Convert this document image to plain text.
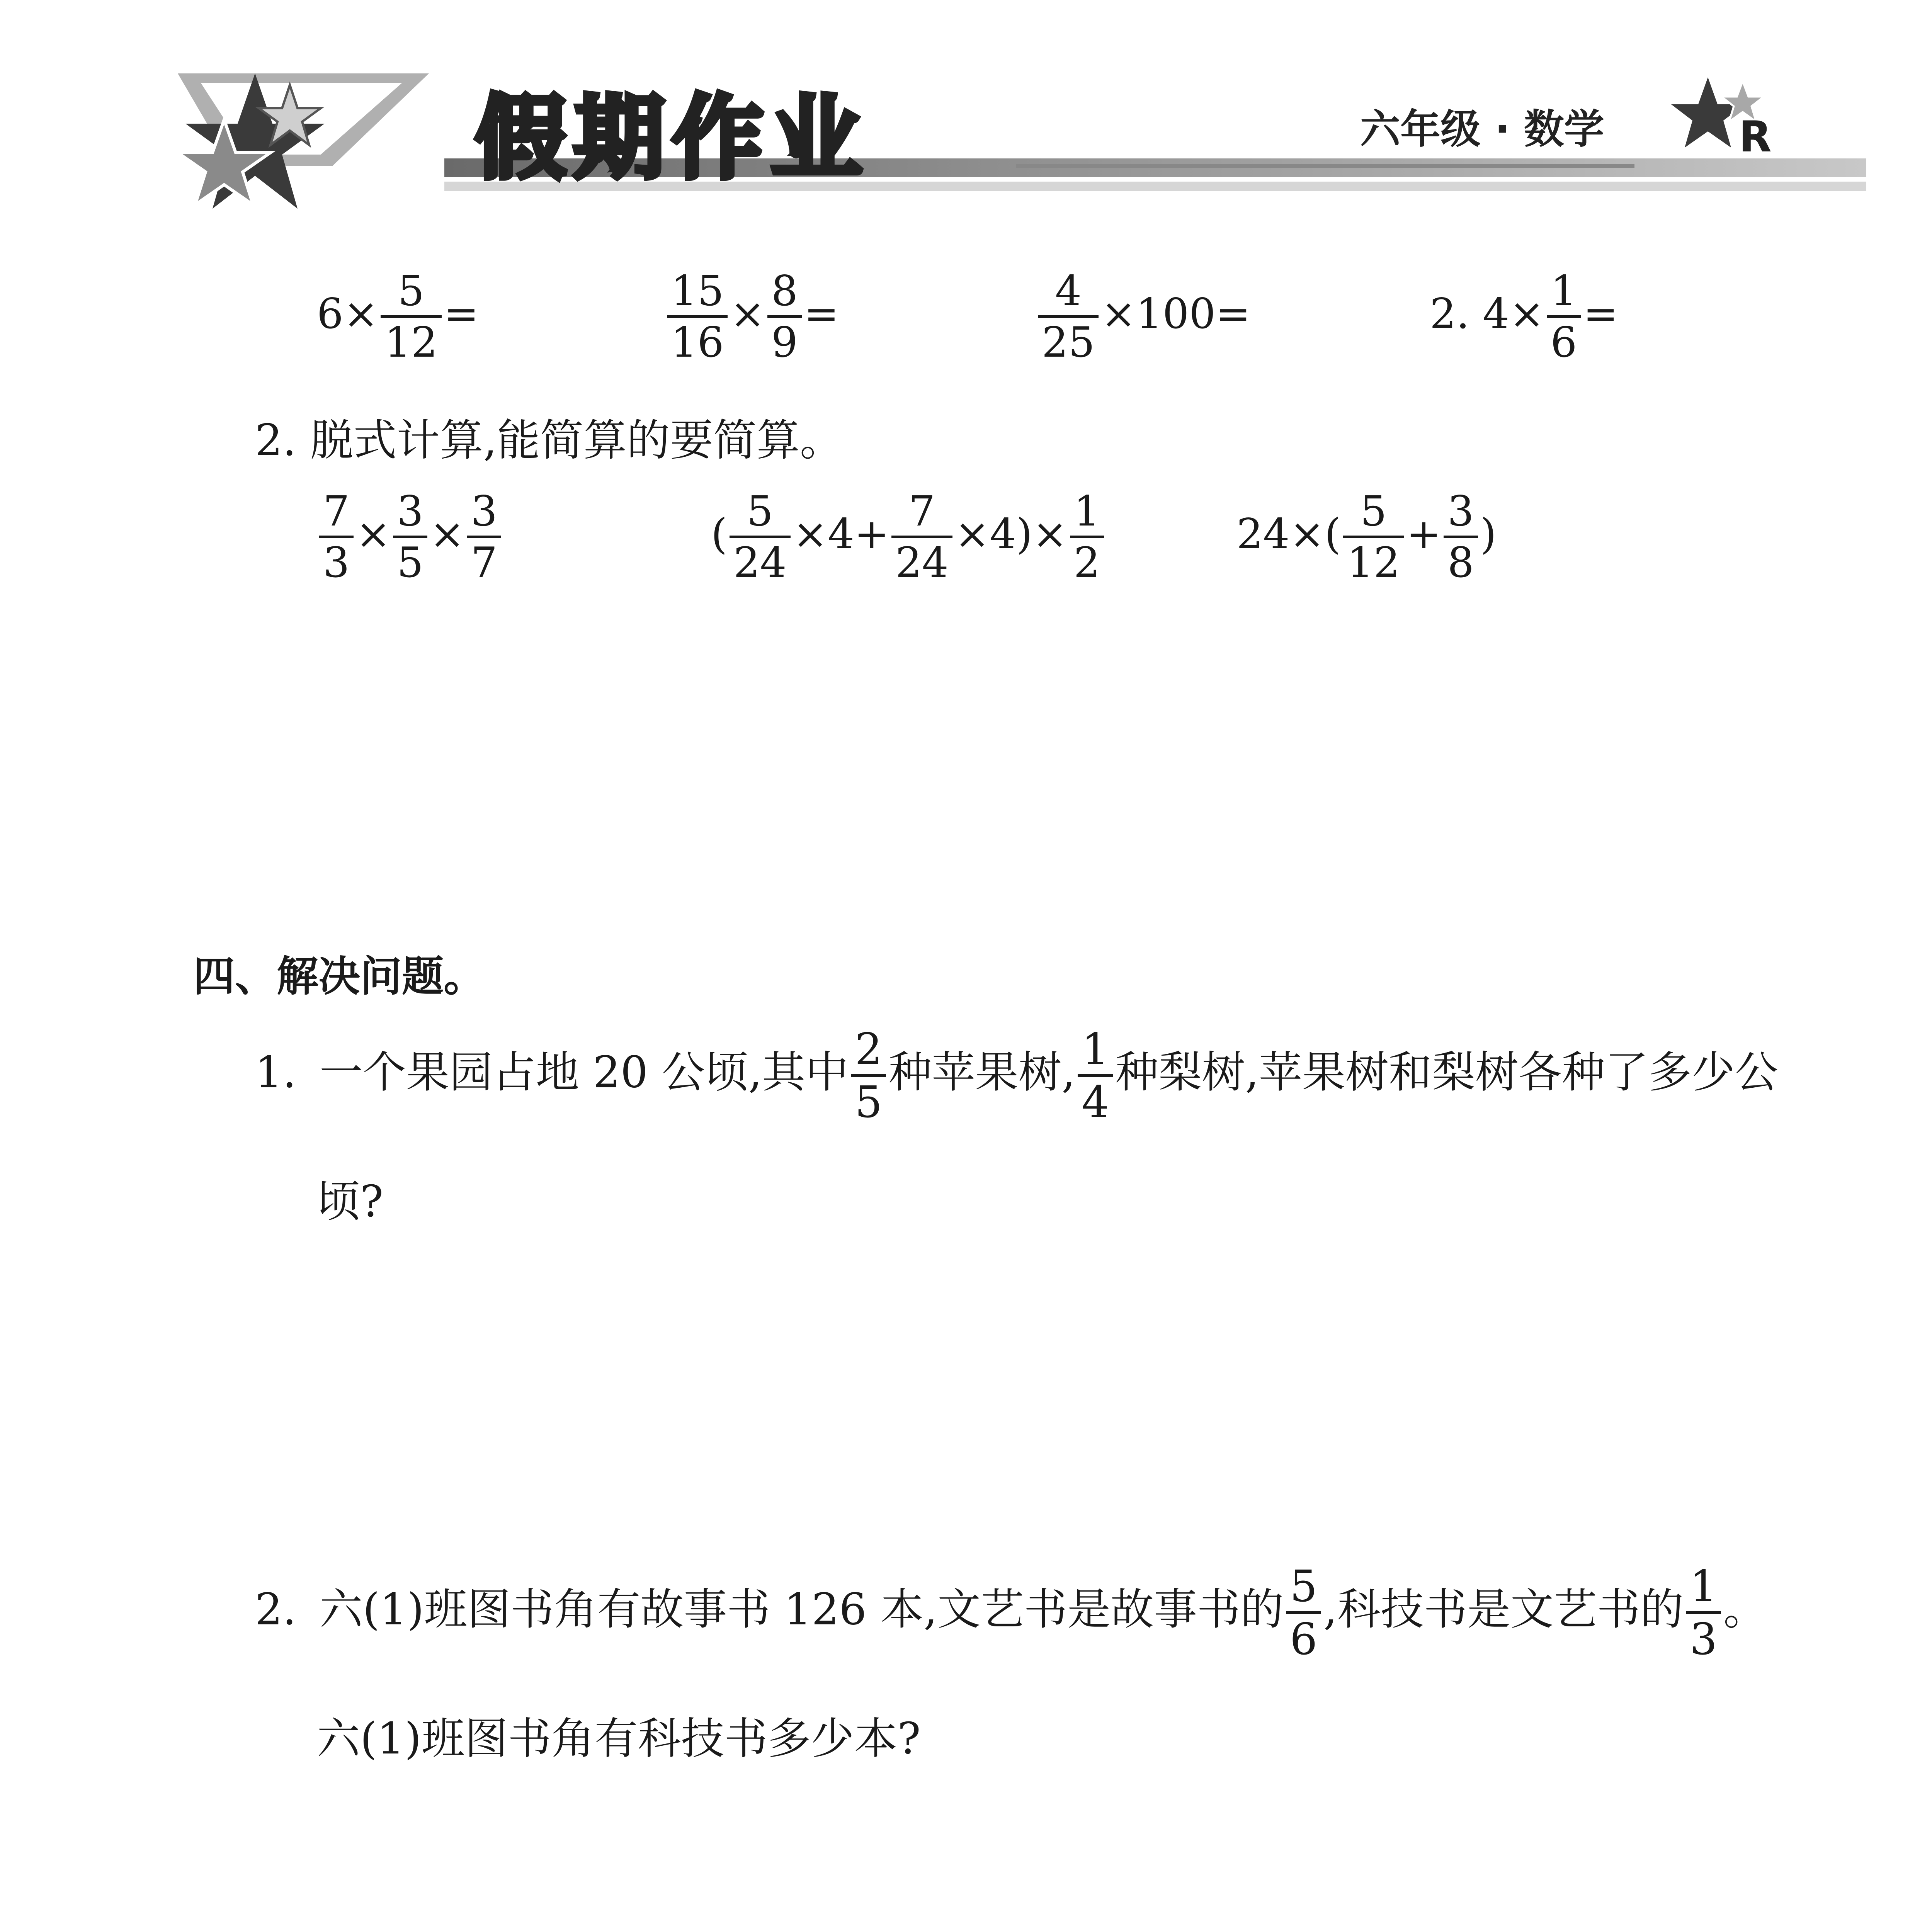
假期作业	六年级 · 数学	R
$6\times \frac{5}{12}$ =	$\frac{15}{16} \times \frac{8}{9}$ =	$\frac{4}{25} \times 100=$	2. $4\times \frac{1}{6}$ =
2. 脱式计算,能简算的要简算。
$\frac{7}{3} \times \frac{3}{5} \times \frac{3}{7}$	( $\frac{5}{24} \times 4+ \frac{7}{24} \times 4)\times \frac{1}{2}$	$24\times( \frac{5}{12} + \frac{3}{8}$ )
四、解决问题。
1. 一个果园占地 20 公顷,其中 $\frac{2}{5}$ 种苹果树, $\frac{1}{4}$ 种梨树,苹果树和梨树各种了多少公
顷?
2. 六(1)班图书角有故事书 126 本,文艺书是故事书的 $\frac{5}{6}$ ,科技书是文艺书的 $\frac{1}{3}$ 。
六(1)班图书角有科技书多少本?
